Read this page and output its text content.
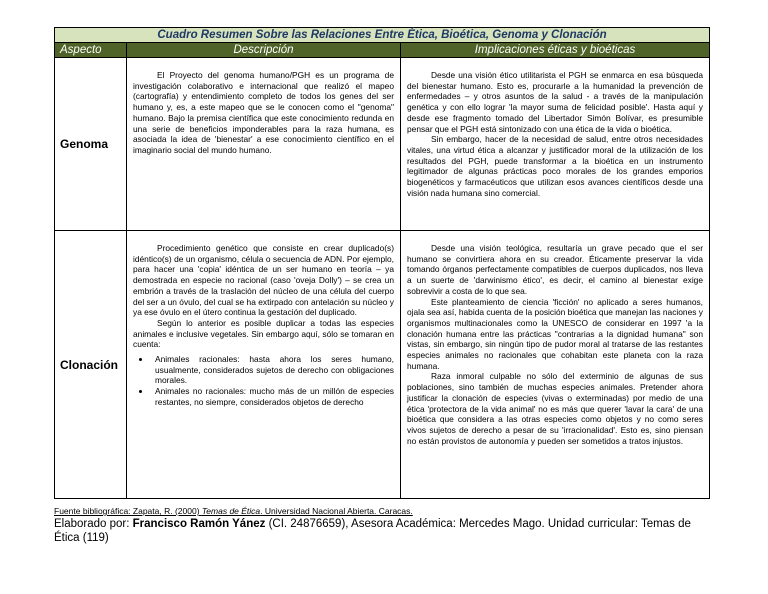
Cuadro Resumen Sobre las Relaciones Entre Ética, Bioética, Genoma y Clonación
Aspecto	Descripción	Implicaciones éticas y bioéticas
Genoma

El Proyecto del genoma humano/PGH es un programa de investigación colaborativo e internacional que realizó el mapeo (cartografía) y entendimiento completo de todos los genes del ser humano y, es, a este mapeo que se le conocen como el "genoma" humano. Bajo la premisa científica que este conocimiento redunda en una serie de beneficios imponderables para la raza humana, es asociada la idea de 'bienestar' a ese conocimiento científico en el imaginario social del mundo humano.

Desde una visión ético utilitarista el PGH se enmarca en esa búsqueda del bienestar humano. Esto es, procurarle a la humanidad la prevención de enfermedades – y otros asuntos de la salud - a través de la manipulación genética y con ello lograr 'la mayor suma de felicidad posible'. Hasta aquí y desde ese fragmento tomado del Libertador Simón Bolívar, es presumible pensar que el PGH está sintonizado con una ética de la vida o bioética.

Sin embargo, hacer de la necesidad de salud, entre otros necesidades vitales, una virtud ética a alcanzar y justificador moral de la utilización de los resultados del PGH, puede transformar a la bioética en un instrumento legitimador de algunas prácticas poco morales de los grandes emporios biogenéticos y farmacéuticos que utilizan esos avances científicos desde una visión nada humana sino comercial.

Clonación

Procedimiento genético que consiste en crear duplicado(s) idéntico(s) de un organismo, célula o secuencia de ADN. Por ejemplo, para hacer una 'copia' idéntica de un ser humano en teoría – ya demostrada en especie no racional (caso 'oveja Dolly') – se crea un embrión a través de la traslación del núcleo de una célula del cuerpo del ser a un óvulo, del cual se ha extirpado con antelación su núcleo y ya ese óvulo en el útero continua la gestación del duplicado.

Según lo anterior es posible duplicar a todas las especies animales e inclusive vegetales. Sin embargo aquí, sólo se tomaran en cuenta:

• Animales racionales: hasta ahora los seres humano, usualmente, considerados sujetos de derecho con obligaciones morales.
• Animales no racionales: mucho más de un millón de especies restantes, no siempre, considerados objetos de derecho

Desde una visión teológica, resultaría un grave pecado que el ser humano se convirtiera ahora en su creador. Éticamente preservar la vida tomando órganos perfectamente compatibles de cuerpos duplicados, nos lleva a un suerte de 'darwinismo ético', es decir, el camino al bienestar exige sobrevivir a costa de lo que sea.

Este planteamiento de ciencia 'ficción' no aplicado a seres humanos, ojala sea así, habida cuenta de la posición bioética que manejan las naciones y organismos multinacionales como la UNESCO de considerar en 1997 'a la clonación humana entre las prácticas "contrarias a la dignidad humana" son vistas, sin embargo, sin ningún tipo de pudor moral al tratarse de las restantes especies animales no racionales que cohabitan este planeta con la raza humana.

Raza inmoral culpable no sólo del exterminio de algunas de sus poblaciones, sino también de muchas especies animales. Pretender ahora justificar la clonación de especies (vivas o exterminadas) por medio de una ética 'protectora de la vida animal' no es más que querer 'lavar la cara' de una bioética que considera a las otras especies como objetos y no como seres vivos sujetos de derecho a pesar de su 'irracionalidad'. Esto es, sino piensan no están provistos de autonomía y pueden ser sometidos a tratos injustos.

Fuente bibliográfica: Zapata, R. (2000) Temas de Ética. Universidad Nacional Abierta. Caracas.
Elaborado por: Francisco Ramón Yánez (CI. 24876659), Asesora Académica: Mercedes Mago. Unidad curricular: Temas de Ética (119)
